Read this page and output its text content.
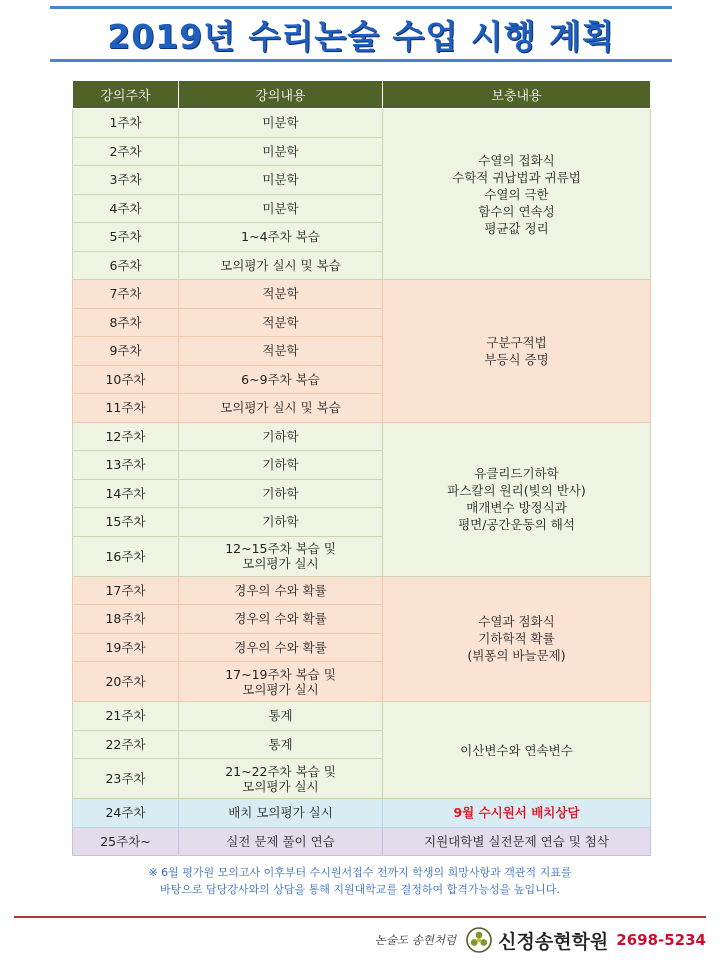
2019년 수리논술 수업 시행 계획
강의주차	강의내용	보충내용
1주차	미분학	수열의 접화식
수학적 귀납법과 귀류법
수열의 극한
함수의 연속성
평균값 정리

2주차	미분학	

3주차	미분학	

4주차	미분학	

5주차	1~4주차 복습	

6주차	모의평가 실시 및 복습	

7주차	적분학	구분구적법
부등식 증명

8주차	적분학	

9주차	적분학	

10주차	6~9주차 복습	

11주차	모의평가 실시 및 복습	

12주차	기하학	유클리드기하학
파스칼의 원리(빛의 반사)
매개변수 방정식과
평면/공간운동의 해석

13주차	기하학	

14주차	기하학	

15주차	기하학	

16주차	12~15주차 복습 및
모의평가 실시	

17주차	경우의 수와 확률	수열과 점화식
기하학적 확률
(뷔퐁의 바늘문제)

18주차	경우의 수와 확률	

19주차	경우의 수와 확률	

20주차	17~19주차 복습 및
모의평가 실시	

21주차	통계	이산변수와 연속변수

22주차	통계	

23주차	21~22주차 복습 및
모의평가 실시	

24주차	배치 모의평가 실시	9월 수시원서 배치상담
25주차~	실전 문제 풀이 연습	지원대학별 실전문제 연습 및 첨삭
※ 6월 평가원 모의고사 이후부터 수시원서접수 전까지 학생의 희망사항과 객관적 지표를
바탕으로 담당강사와의 상담을 통해 지원대학교를 결정하여 합격가능성을 높입니다.
논술도 송현처럼 신정송현학원 2698-5234
